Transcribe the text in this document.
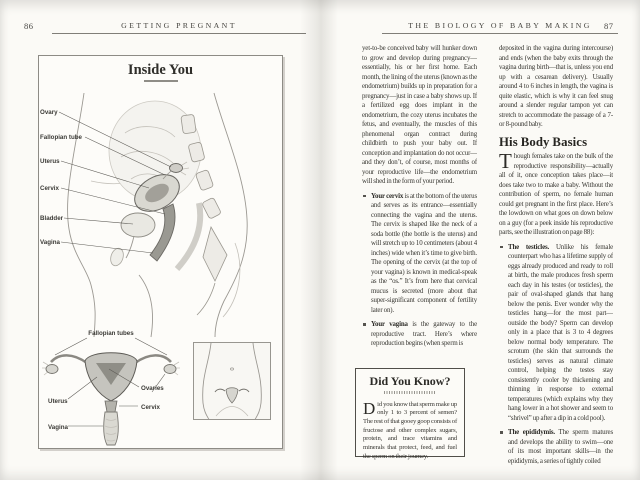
86	GETTING PREGNANT
Inside You
Ovary
Fallopian tube
Uterus
Cervix
Bladder
Vagina
Fallopian tubes
Uterus
Ovaries
Cervix
Vagina
THE BIOLOGY OF BABY MAKING	87

yet-to-be conceived baby will hunker down to grow and develop during pregnancy—essentially, his or her first home. Each month, the lining of the uterus (known as the endometrium) builds up in preparation for a pregnancy—just in case a baby shows up. If a fertilized egg does implant in the endometrium, the cozy uterus incubates the fetus, and eventually, the muscles of this phenomenal organ contract during childbirth to push your baby out. If conception and implantation do not occur—and they don’t, of course, most months of your reproductive life—the endometrium will shed in the form of your period.

Your cervix is at the bottom of the uterus and serves as its entrance—essentially connecting the vagina and the uterus. The cervix is shaped like the neck of a soda bottle (the bottle is the uterus) and will stretch up to 10 centimeters (about 4 inches) wide when it’s time to give birth. The opening of the cervix (at the top of your vagina) is known in medical-speak as the “os.” It’s from here that cervical mucus is secreted (more about that super-significant component of fertility later on).
Your vagina is the gateway to the reproductive tract. Here’s where reproduction begins (when sperm is
Did You Know?

Did you know that sperm make up only 1 to 3 percent of semen? The rest of that gooey goop consists of fructose and other complex sugars, protein, and trace vitamins and minerals that protect, feed, and fuel the sperm on their journey.

deposited in the vagina during intercourse) and ends (when the baby exits through the vagina during birth—that is, unless you end up with a cesarean delivery). Usually around 4 to 6 inches in length, the vagina is quite elastic, which is why it can feel snug around a slender regular tampon yet can stretch to accommodate the passage of a 7- or 8-pound baby.

His Body Basics

Though females take on the bulk of the reproductive responsibility—actually all of it, once conception takes place—it does take two to make a baby. Without the contribution of sperm, no female human could get pregnant in the first place. Here’s the lowdown on what goes on down below on a guy (for a peek inside his reproductive parts, see the illustration on page 88):

The testicles. Unlike his female counterpart who has a lifetime supply of eggs already produced and ready to roll at birth, the male produces fresh sperm each day in his testes (or testicles), the pair of oval-shaped glands that hang below the penis. Ever wonder why the testicles hang—for the most part—outside the body? Sperm can develop only in a place that is 3 to 4 degrees below normal body temperature. The scrotum (the skin that surrounds the testicles) serves as natural climate control, helping the testes stay consistently cooler by thickening and thinning in response to external temperatures (which explains why they hang lower in a hot shower and seem to “shrivel” up after a dip in a cold pool).
The epididymis. The sperm matures and develops the ability to swim—one of its most important skills—in the epididymis, a series of tightly coiled
